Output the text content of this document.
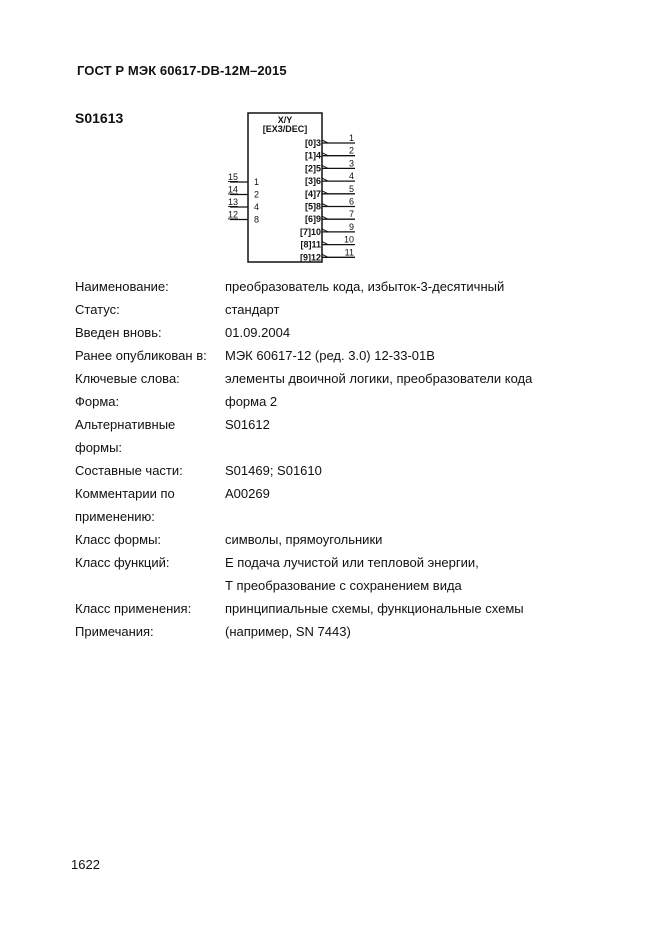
ГОСТ Р МЭК 60617-DB-12М–2015
S01613	X/Y
[EX3/DEC]
15 1
14 2
13 4
12 8
[0]3	1
[1]4	2
[2]5	3
[3]6	4
[4]7	5
[5]8	6
[6]9	7
[7]10	9
[8]11	10
[9]12
11
Наименование:	преобразователь кода, избыток-3-десятичный
Статус:	стандарт
Введен вновь:	01.09.2004
Ранее опубликован в:	МЭК 60617-12 (ред. 3.0) 12-33-01В
Ключевые слова:	элементы двоичной логики, преобразователи кода
Форма:	форма 2
Альтернативные	S01612
формы:
Составные части:	S01469; S01610
Комментарии по	A00269
применению:
Класс формы:	символы, прямоугольники
Класс функций:	Е подача лучистой или тепловой энергии,
Т преобразование с сохранением вида
Класс применения:	принципиальные схемы, функциональные схемы
Примечания:	(например, SN 7443)
1622
